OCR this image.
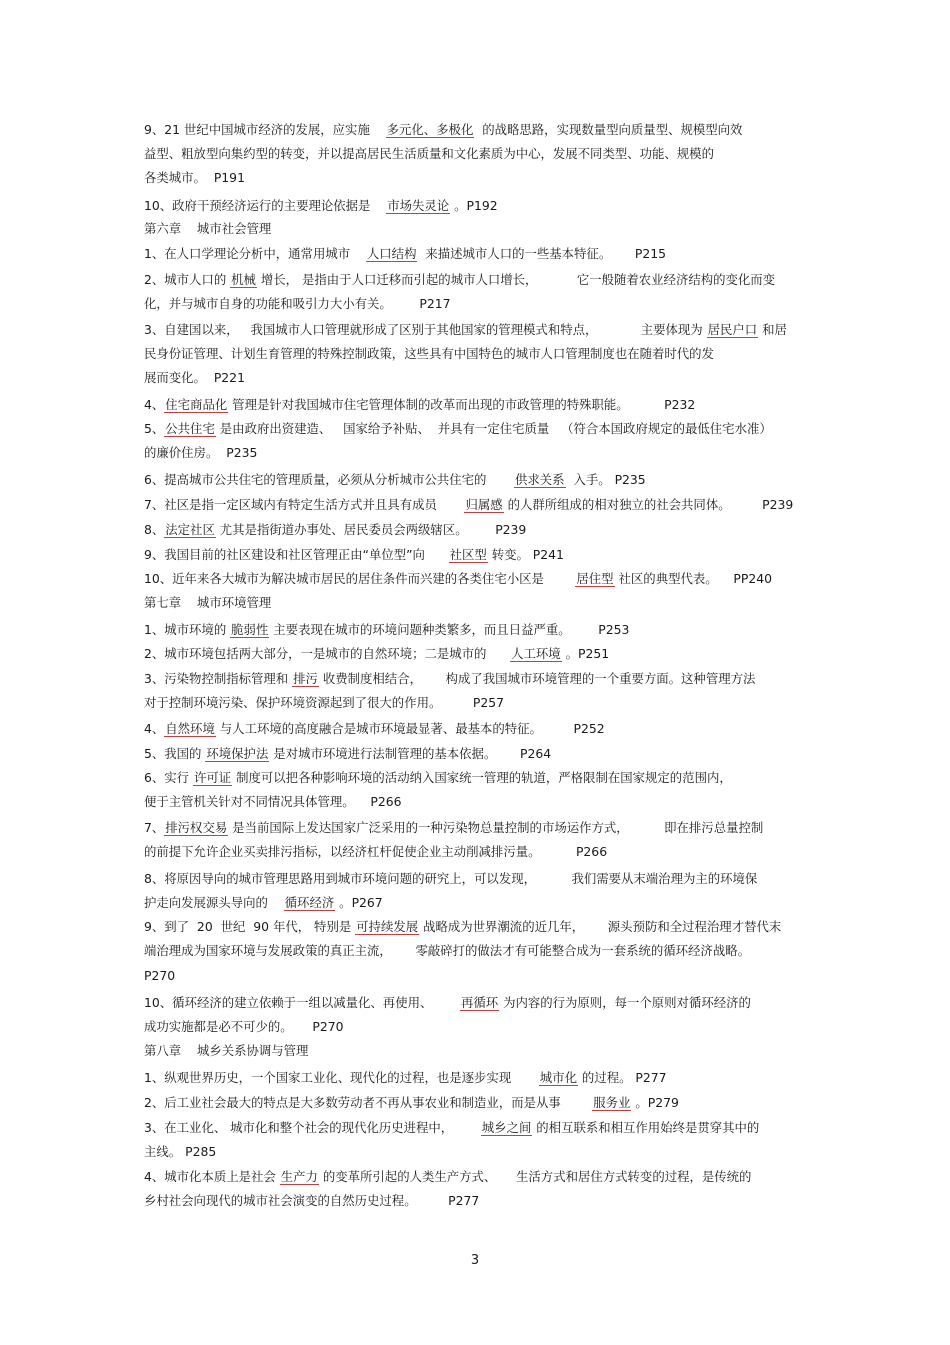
9、21 世纪中国城市经济的发展，应实施 多元化、多极化  的战略思路，实现数量型向质量型、规模型向效
益型、粗放型向集约型的转变，并以提高居民生活质量和文化素质为中心，发展不同类型、功能、规模的
各类城市。  P191
10、政府干预经济运行的主要理论依据是 市场失灵论 。P192
第六章    城市社会管理
1、在人口学理论分析中，通常用城市 人口结构  来描述城市人口的一些基本特征。 P215
2、城市人口的 机械 增长， 是指由于人口迁移而引起的城市人口增长，	它一般随着农业经济结构的变化而变
化，并与城市自身的功能和吸引力大小有关。 P217
3、自建国以来， 我国城市人口管理就形成了区别于其他国家的管理模式和特点，	主要体现为 居民户口 和居
民身份证管理、计划生育管理的特殊控制政策，这些具有中国特色的城市人口管理制度也在随着时代的发
展而变化。  P221
4、住宅商品化 管理是针对我国城市住宅管理体制的改革而出现的市政管理的特殊职能。	P232
5、公共住宅 是由政府出资建造、 国家给予补贴、 并具有一定住宅质量 （符合本国政府规定的最低住宅水准）
的廉价住房。  P235
6、提高城市公共住宅的管理质量，必须从分析城市公共住宅的 供求关系  入手。 P235
7、社区是指一定区域内有特定生活方式并且具有成员 归属感 的人群所组成的相对独立的社会共同体。	P239
8、法定社区 尤其是指街道办事处、居民委员会两级辖区。 P239
9、我国目前的社区建设和社区管理正由“单位型”向 社区型 转变。 P241
10、近年来各大城市为解决城市居民的居住条件而兴建的各类住宅小区是	居住型 社区的典型代表。 PP240
第七章    城市环境管理
1、城市环境的 脆弱性 主要表现在城市的环境问题种类繁多，而且日益严重。 P253
2、城市环境包括两大部分，一是城市的自然环境；二是城市的 人工环境 。P251
3、污染物控制指标管理和 排污 收费制度相结合， 构成了我国城市环境管理的一个重要方面。这种管理方法
对于控制环境污染、保护环境资源起到了很大的作用。	P257
4、自然环境 与人工环境的高度融合是城市环境最显著、最基本的特征。	P252
5、我国的 环境保护法 是对城市环境进行法制管理的基本依据。 P264
6、实行 许可证 制度可以把各种影响环境的活动纳入国家统一管理的轨道，严格限制在国家规定的范围内，
便于主管机关针对不同情况具体管理。 P266
7、排污权交易 是当前国际上发达国家广泛采用的一种污染物总量控制的市场运作方式，	即在排污总量控制
的前提下允许企业买卖排污指标，以经济杠杆促使企业主动削减排污量。	P266
8、将原因导向的城市管理思路用到城市环境问题的研究上，可以发现，	我们需要从末端治理为主的环境保
护走向发展源头导向的 循环经济 。P267
9、到了  20  世纪  90 年代， 特别是 可持续发展 战略成为世界潮流的近几年， 源头预防和全过程治理才替代末
端治理成为国家环境与发展政策的真正主流， 零敲碎打的做法才有可能整合成为一套系统的循环经济战略。
P270
10、循环经济的建立依赖于一组以减量化、再使用、 再循环 为内容的行为原则，每一个原则对循环经济的
成功实施都是必不可少的。 P270
第八章    城乡关系协调与管理
1、纵观世界历史，一个国家工业化、现代化的过程，也是逐步实现 城市化 的过程。 P277
2、后工业社会最大的特点是大多数劳动者不再从事农业和制造业，而是从事	服务业 。P279
3、在工业化、 城市化和整个社会的现代化历史进程中， 城乡之间 的相互联系和相互作用始终是贯穿其中的
主线。 P285
4、城市化本质上是社会 生产力 的变革所引起的人类生产方式、 生活方式和居住方式转变的过程，是传统的
乡村社会向现代的城市社会演变的自然历史过程。	P277
3
